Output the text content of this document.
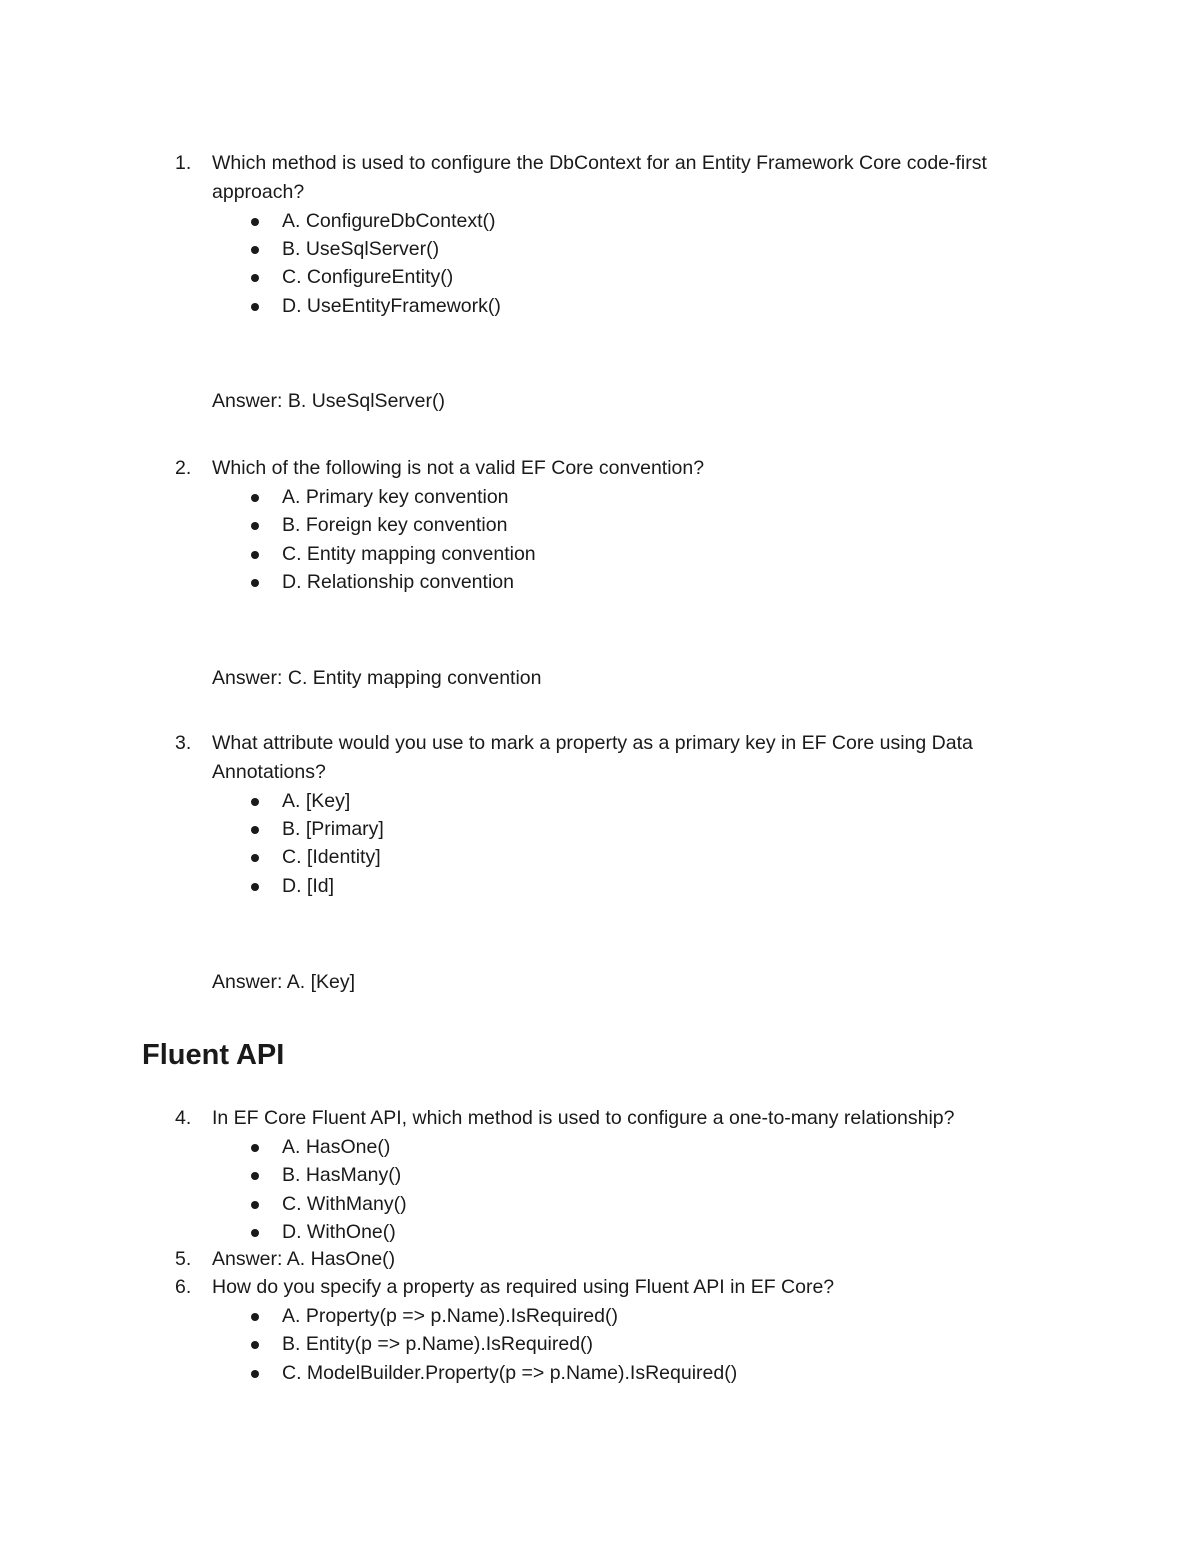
1. Which method is used to configure the DbContext for an Entity Framework Core code-first approach?
A. ConfigureDbContext()
B. UseSqlServer()
C. ConfigureEntity()
D. UseEntityFramework()
Answer: B. UseSqlServer()
2. Which of the following is not a valid EF Core convention?
A. Primary key convention
B. Foreign key convention
C. Entity mapping convention
D. Relationship convention
Answer: C. Entity mapping convention
3. What attribute would you use to mark a property as a primary key in EF Core using Data Annotations?
A. [Key]
B. [Primary]
C. [Identity]
D. [Id]
Answer: A. [Key]
Fluent API
4. In EF Core Fluent API, which method is used to configure a one-to-many relationship?
A. HasOne()
B. HasMany()
C. WithMany()
D. WithOne()
5. Answer: A. HasOne()
6. How do you specify a property as required using Fluent API in EF Core?
A. Property(p => p.Name).IsRequired()
B. Entity(p => p.Name).IsRequired()
C. ModelBuilder.Property(p => p.Name).IsRequired()
